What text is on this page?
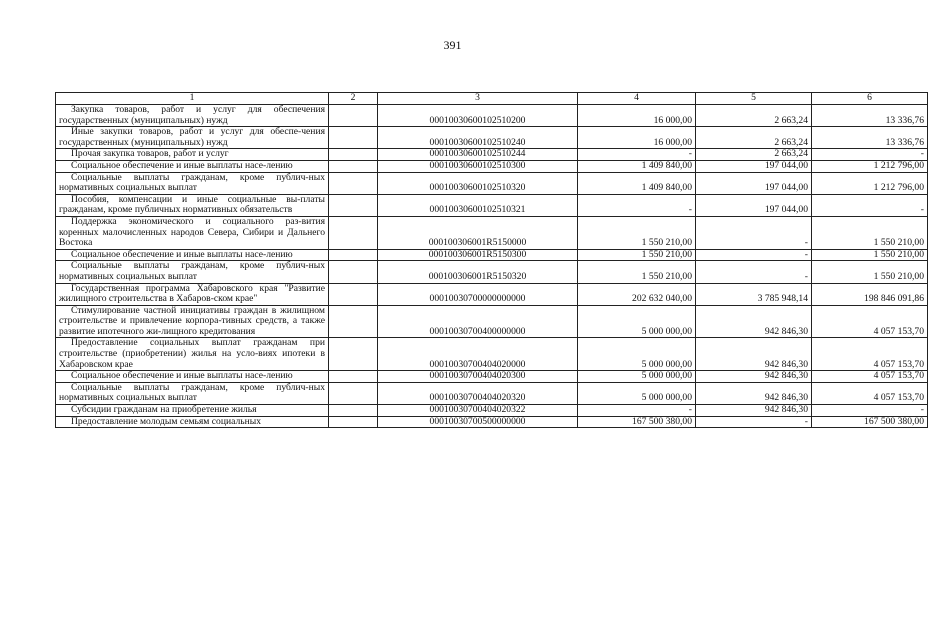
391
1	2	3	4	5	6

Закупка товаров, работ и услуг для обеспечения государственных (муниципальных) нужд		00010030600102510200	16 000,00	2 663,24	13 336,76

Иные закупки товаров, работ и услуг для обеспе-чения государственных (муниципальных) нужд		00010030600102510240	16 000,00	2 663,24	13 336,76

Прочая закупка товаров, работ и услуг		00010030600102510244	-	2 663,24	-

Социальное обеспечение и иные выплаты насе-лению		00010030600102510300	1 409 840,00	197 044,00	1 212 796,00

Социальные выплаты гражданам, кроме публич-ных нормативных социальных выплат		00010030600102510320	1 409 840,00	197 044,00	1 212 796,00

Пособия, компенсации и иные социальные вы-платы гражданам, кроме публичных нормативных обязательств		00010030600102510321	-	197 044,00	-

Поддержка экономического и социального раз-вития коренных малочисленных народов Севера, Сибири и Дальнего Востока		000100306001R5150000	1 550 210,00	-	1 550 210,00

Социальное обеспечение и иные выплаты насе-лению		000100306001R5150300	1 550 210,00	-	1 550 210,00

Социальные выплаты гражданам, кроме публич-ных нормативных социальных выплат		000100306001R5150320	1 550 210,00	-	1 550 210,00

Государственная программа Хабаровского края "Развитие жилищного строительства в Хабаров-ском крае"		00010030700000000000	202 632 040,00	3 785 948,14	198 846 091,86

Стимулирование частной инициативы граждан в жилищном строительстве и привлечение корпора-тивных средств, а также развитие ипотечного жи-лищного кредитования		00010030700400000000	5 000 000,00	942 846,30	4 057 153,70

Предоставление социальных выплат гражданам при строительстве (приобретении) жилья на усло-виях ипотеки в Хабаровском крае		00010030700404020000	5 000 000,00	942 846,30	4 057 153,70

Социальное обеспечение и иные выплаты насе-лению		00010030700404020300	5 000 000,00	942 846,30	4 057 153,70

Социальные выплаты гражданам, кроме публич-ных нормативных социальных выплат		00010030700404020320	5 000 000,00	942 846,30	4 057 153,70

Субсидии гражданам на приобретение жилья		00010030700404020322	-	942 846,30	-

Предоставление молодым семьям социальных		00010030700500000000	167 500 380,00	-	167 500 380,00
